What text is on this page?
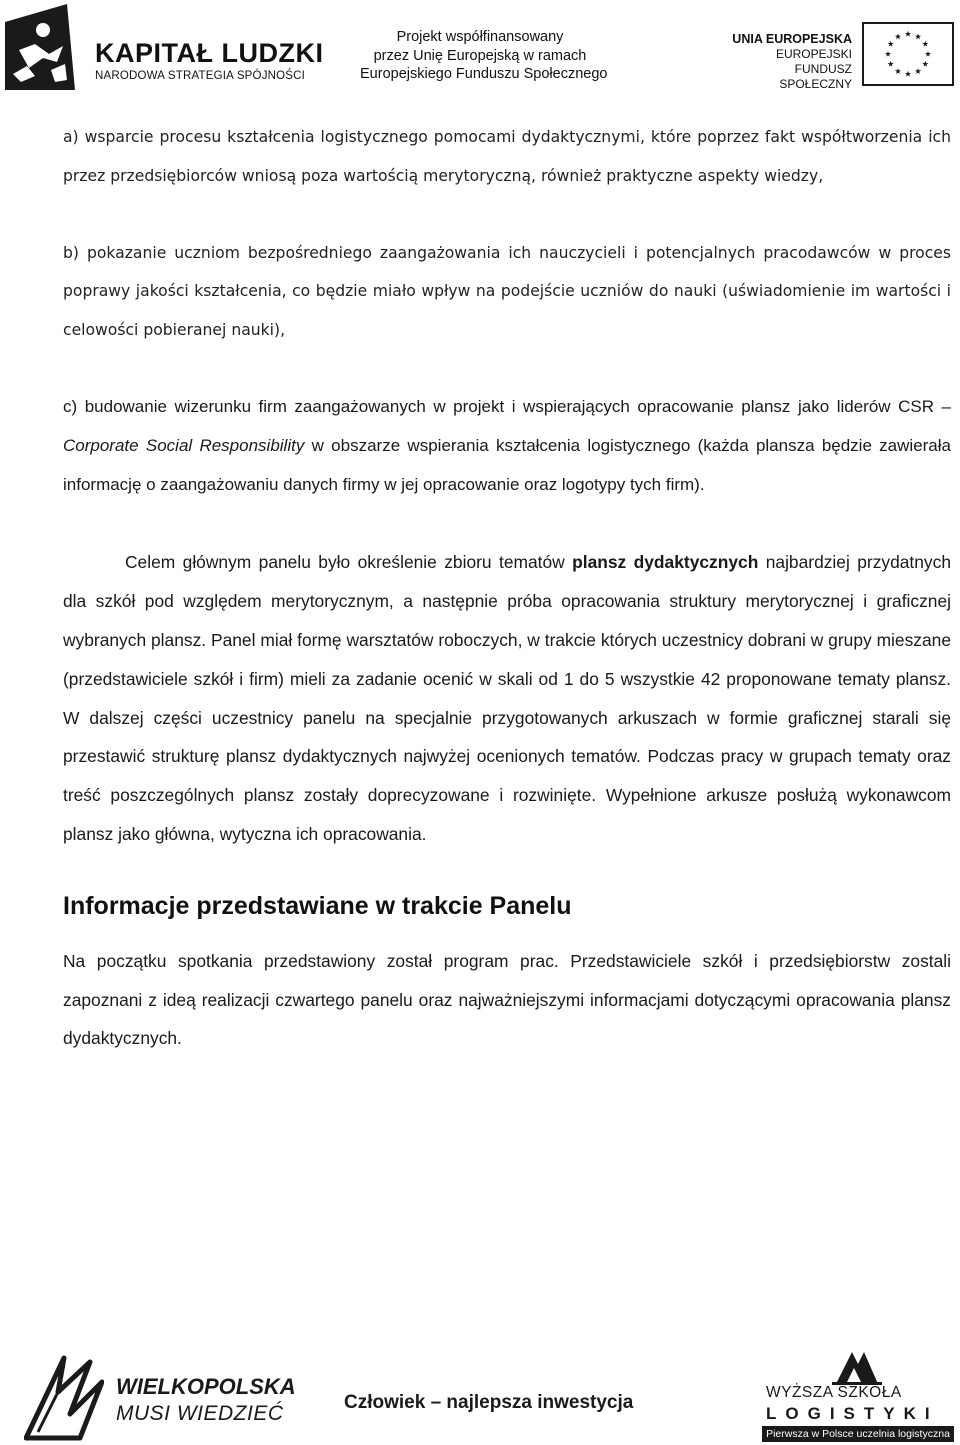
KAPITAŁ LUDZKI
NARODOWA STRATEGIA SPÓJNOŚCI
Projekt współfinansowany
przez Unię Europejską w ramach
Europejskiego Funduszu Społecznego
UNIA EUROPEJSKA
EUROPEJSKI
FUNDUSZ SPOŁECZNY

a) wsparcie procesu kształcenia logistycznego pomocami dydaktycznymi, które poprzez fakt współtworzenia ich przez przedsiębiorców wniosą poza wartością merytoryczną, również praktyczne aspekty wiedzy,

b) pokazanie uczniom bezpośredniego zaangażowania ich nauczycieli i potencjalnych pracodawców w proces poprawy jakości kształcenia, co będzie miało wpływ na podejście uczniów do nauki (uświadomienie im wartości i celowości pobieranej nauki),

c) budowanie wizerunku firm zaangażowanych w projekt i wspierających opracowanie plansz jako liderów CSR – Corporate Social Responsibility w obszarze wspierania kształcenia logistycznego (każda plansza będzie zawierała informację o zaangażowaniu danych firmy w jej opracowanie oraz logotypy tych firm).

Celem głównym panelu było określenie zbioru tematów plansz dydaktycznych najbardziej przydatnych dla szkół pod względem merytorycznym, a następnie próba opracowania struktury merytorycznej i graficznej wybranych plansz. Panel miał formę warsztatów roboczych, w trakcie których uczestnicy dobrani w grupy mieszane (przedstawiciele szkół i firm) mieli za zadanie ocenić w skali od 1 do 5 wszystkie 42 proponowane tematy plansz. W dalszej części uczestnicy panelu na specjalnie przygotowanych arkuszach w formie graficznej starali się przestawić strukturę plansz dydaktycznych najwyżej ocenionych tematów. Podczas pracy w grupach tematy oraz treść poszczególnych plansz zostały doprecyzowane i rozwinięte. Wypełnione arkusze posłużą wykonawcom plansz jako główna, wytyczna ich opracowania.

Informacje przedstawiane w trakcie Panelu

Na początku spotkania przedstawiony został program prac. Przedstawiciele szkół i przedsiębiorstw zostali zapoznani z ideą realizacji czwartego panelu oraz najważniejszymi informacjami dotyczącymi opracowania plansz dydaktycznych.

WIELKOPOLSKA
MUSI WIEDZIEĆ	Człowiek – najlepsza inwestycja	WYŻSZA SZKOŁA
LOGISTYKI
Pierwsza w Polsce uczelnia logistyczna
